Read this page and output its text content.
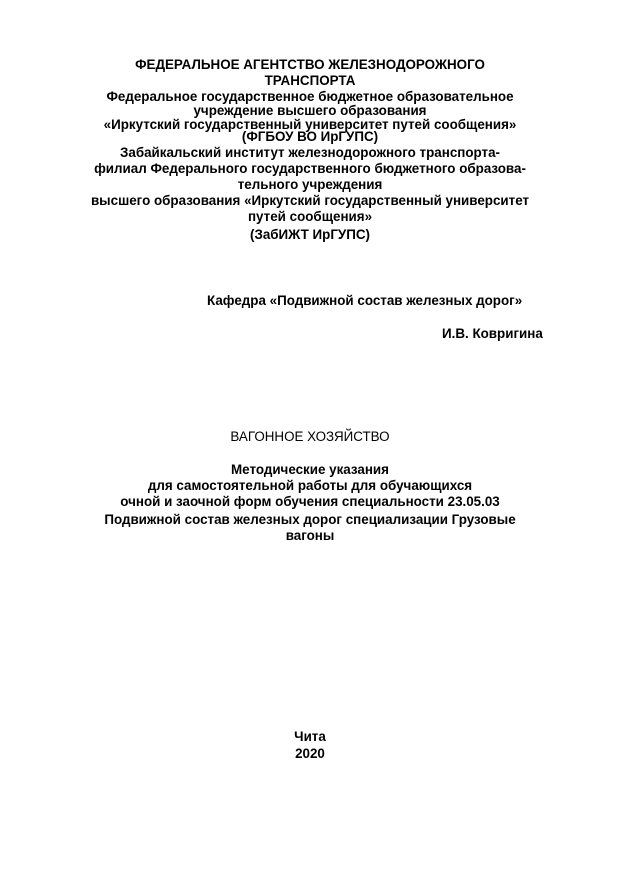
ФЕДЕРАЛЬНОЕ АГЕНТСТВО ЖЕЛЕЗНОДОРОЖНОГО
ТРАНСПОРТА
Федеральное государственное бюджетное образовательное
учреждение высшего образования
«Иркутский государственный университет путей сообщения»
(ФГБОУ ВО ИрГУПС)
Забайкальский институт железнодорожного транспорта-
филиал Федерального государственного бюджетного образова-
тельного учреждения
высшего образования «Иркутский государственный университет
путей сообщения»
(ЗабИЖТ ИрГУПС)
Кафедра «Подвижной состав железных дорог»
И.В. Ковригина
ВАГОННОЕ ХОЗЯЙСТВО
Методические указания
для самостоятельной работы для обучающихся
очной и заочной форм обучения специальности 23.05.03
Подвижной состав железных дорог специализации Грузовые
вагоны
Чита
2020
